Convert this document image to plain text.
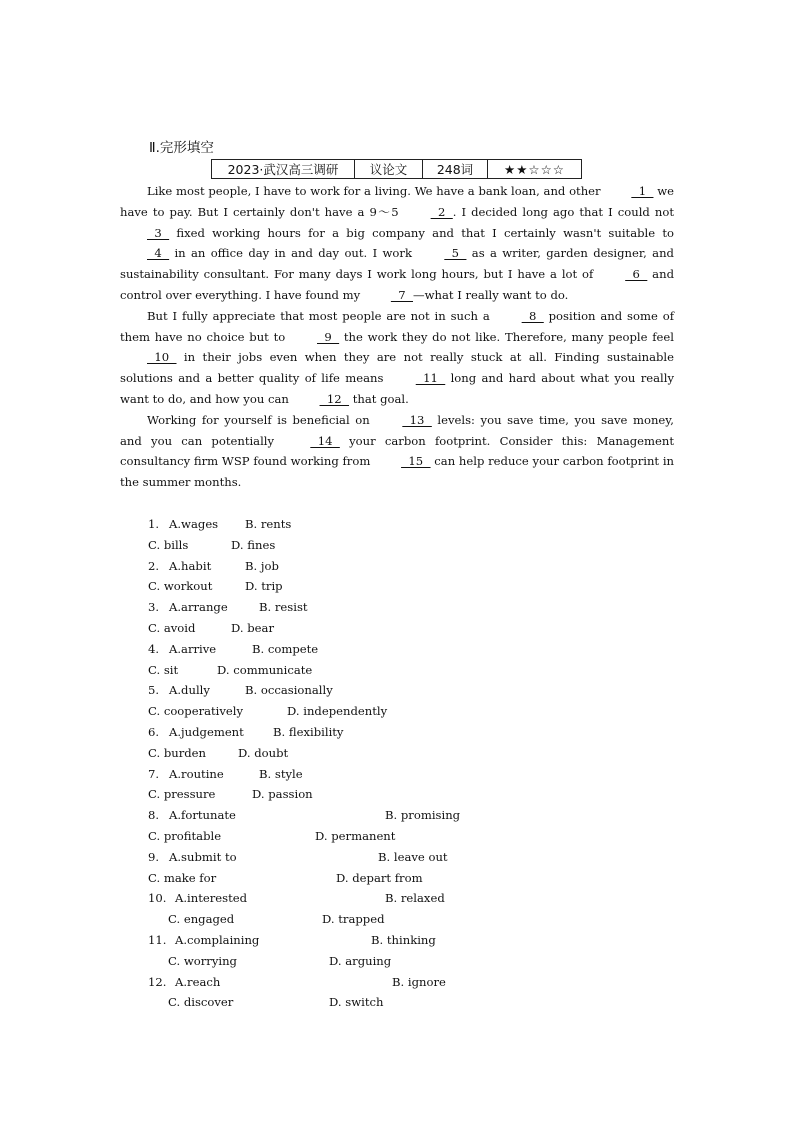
Ⅱ.完形填空
2023·武汉高三调研	议论文	248词	★★☆☆☆

Like most people, I have to work for a living. We have a bank loan, and other   1   we have to pay. But I certainly don't have a 9～5   2  . I decided long ago that I could not   3   fixed working hours for a big company and that I certainly wasn't suitable to   4   in an office day in and day out. I work   5   as a writer, garden designer, and sustainability consultant. For many days I work long hours, but I have a lot of   6   and control over everything. I have found my   7  —what I really want to do.

But I fully appreciate that most people are not in such a   8   position and some of them have no choice but to   9   the work they do not like. Therefore, many people feel   10   in their jobs even when they are not really stuck at all. Finding sustainable solutions and a better quality of life means   11   long and hard about what you really want to do, and how you can   12   that goal.

Working for yourself is beneficial on   13   levels: you save time, you save money, and you can potentially   14   your carbon footprint. Consider this: Management consultancy firm WSP found working from   15   can help reduce your carbon footprint in the summer months.

1. A.wages B. rents
C. bills	D. fines
2. A.habit	B. job
C. workout	D. trip
3. A.arrange	B. resist
C. avoid	D. bear
4. A.arrive	B. compete
C. sit	D. communicate
5. A.dully	B. occasionally
C. cooperatively	D. independently
6. A.judgement	B. flexibility
C. burden	D. doubt
7. A.routine	B. style
C. pressure	D. passion
8. A.fortunate	B. promising
C. profitable	D. permanent
9. A.submit to	B. leave out
C. make for	D. depart from
10. A.interested	B. relaxed
C. engaged	D. trapped
11. A.complaining	B. thinking
C. worrying	D. arguing
12. A.reach	B. ignore
C. discover	D. switch
